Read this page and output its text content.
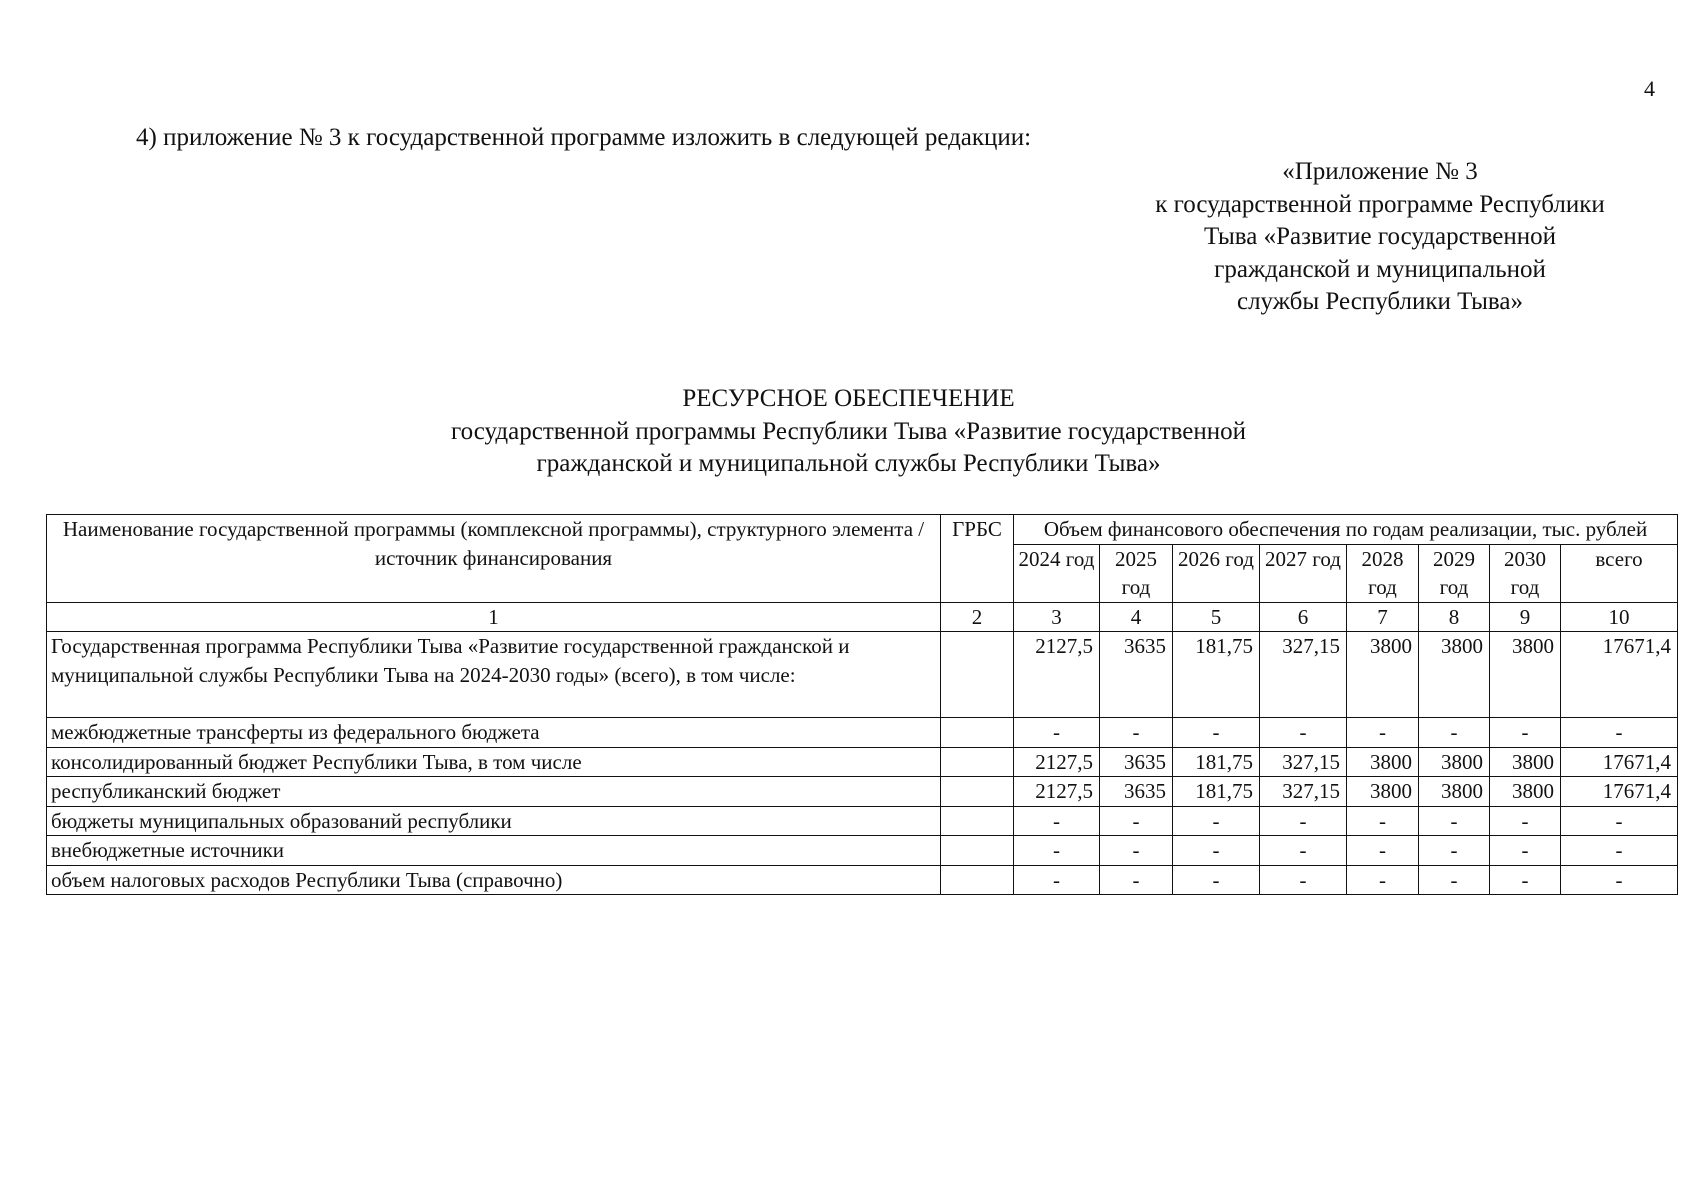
4
4) приложение № 3 к государственной программе изложить в следующей редакции:
«Приложение № 3
к государственной программе Республики
Тыва «Развитие государственной
гражданской и муниципальной
службы Республики Тыва»
РЕСУРСНОЕ ОБЕСПЕЧЕНИЕ
государственной программы Республики Тыва «Развитие государственной
гражданской и муниципальной службы Республики Тыва»
Наименование государственной программы (комплексной программы), структурного элемента / источник финансирования	ГРБС	Объем финансового обеспечения по годам реализации, тыс. рублей							
		2024 год	2025 год	2026 год	2027 год	2028 год	2029 год	2030 год	всего
1	2	3	4	5	6	7	8	9	10
Государственная программа Республики Тыва «Развитие государственной гражданской и муниципальной службы Республики Тыва на 2024-2030 годы» (всего), в том числе:		2127,5	3635	181,75	327,15	3800	3800	3800	17671,4
межбюджетные трансферты из федерального бюджета		-	-	-	-	-	-	-	-
консолидированный бюджет Республики Тыва, в том числе		2127,5	3635	181,75	327,15	3800	3800	3800	17671,4
республиканский бюджет		2127,5	3635	181,75	327,15	3800	3800	3800	17671,4
бюджеты муниципальных образований республики		-	-	-	-	-	-	-	-
внебюджетные источники		-	-	-	-	-	-	-	-
объем налоговых расходов Республики Тыва (справочно)		-	-	-	-	-	-	-	-
